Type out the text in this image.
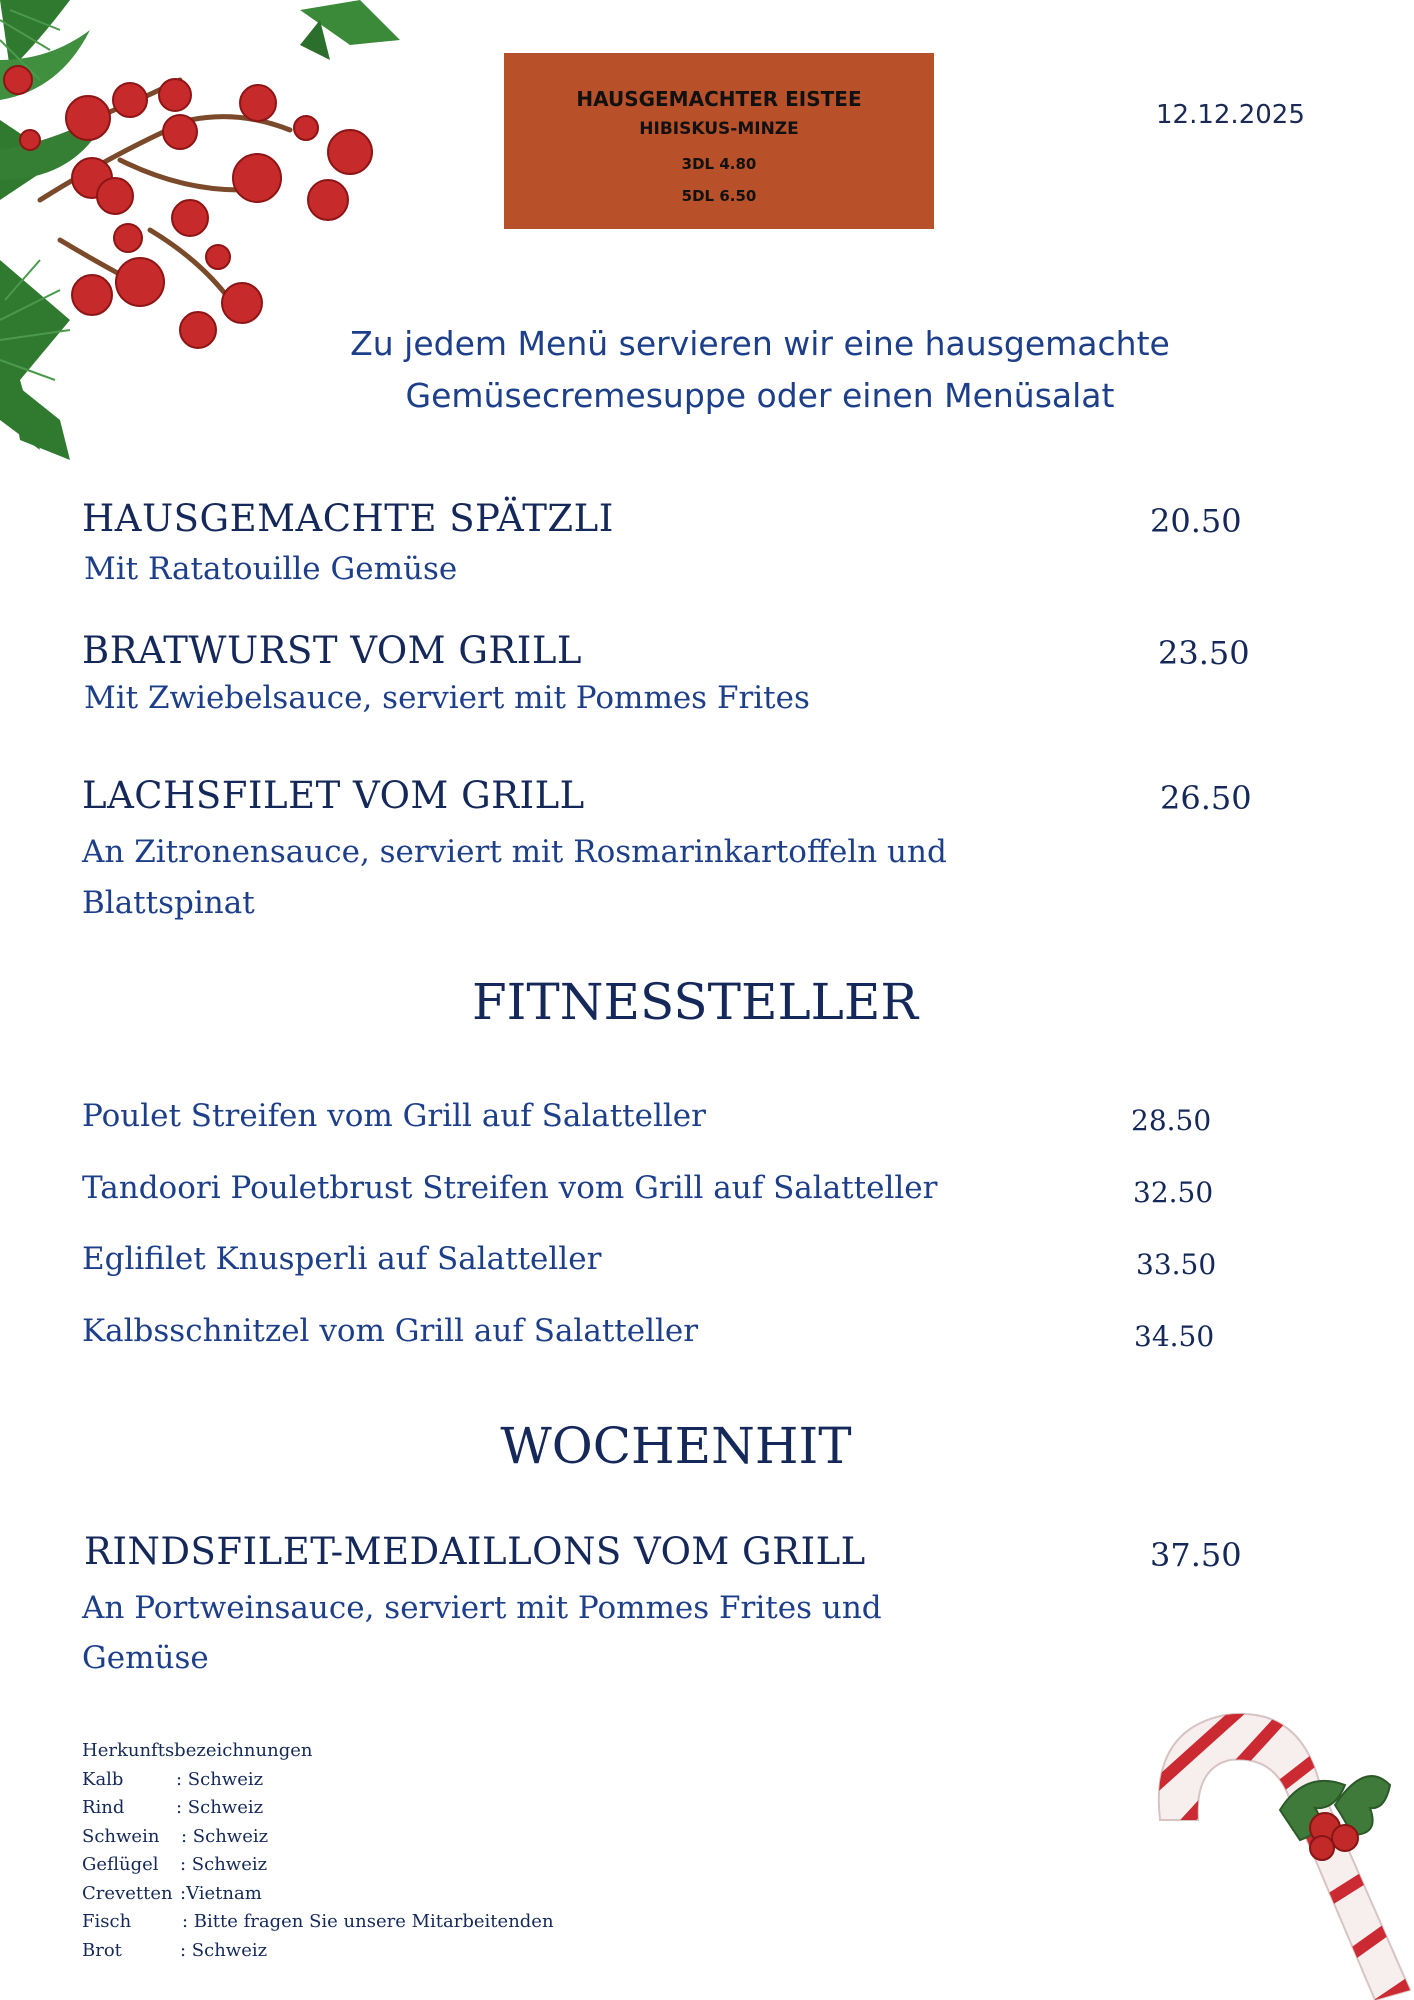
HAUSGEMACHTER EISTEE
HIBISKUS-MINZE
3DL 4.80
5DL 6.50
12.12.2025
Zu jedem Menü servieren wir eine hausgemachte
Gemüsecremesuppe oder einen Menüsalat
HAUSGEMACHTE SPÄTZLI	20.50
Mit Ratatouille Gemüse
BRATWURST VOM GRILL	23.50
Mit Zwiebelsauce, serviert mit Pommes Frites
LACHSFILET VOM GRILL	26.50
An Zitronensauce, serviert mit Rosmarinkartoffeln und
Blattspinat
FITNESSTELLER
Poulet Streifen vom Grill auf Salatteller	28.50
Tandoori Pouletbrust Streifen vom Grill auf Salatteller	32.50
Eglifilet Knusperli auf Salatteller	33.50
Kalbsschnitzel vom Grill auf Salatteller	34.50
WOCHENHIT
RINDSFILET-MEDAILLONS VOM GRILL	37.50
An Portweinsauce, serviert mit Pommes Frites und
Gemüse
Herkunftsbezeichnungen
Kalb	: Schweiz
Rind	: Schweiz
Schwein : Schweiz
Geflügel : Schweiz
Crevetten :Vietnam
Fisch	: Bitte fragen Sie unsere Mitarbeitenden
Brot	: Schweiz
